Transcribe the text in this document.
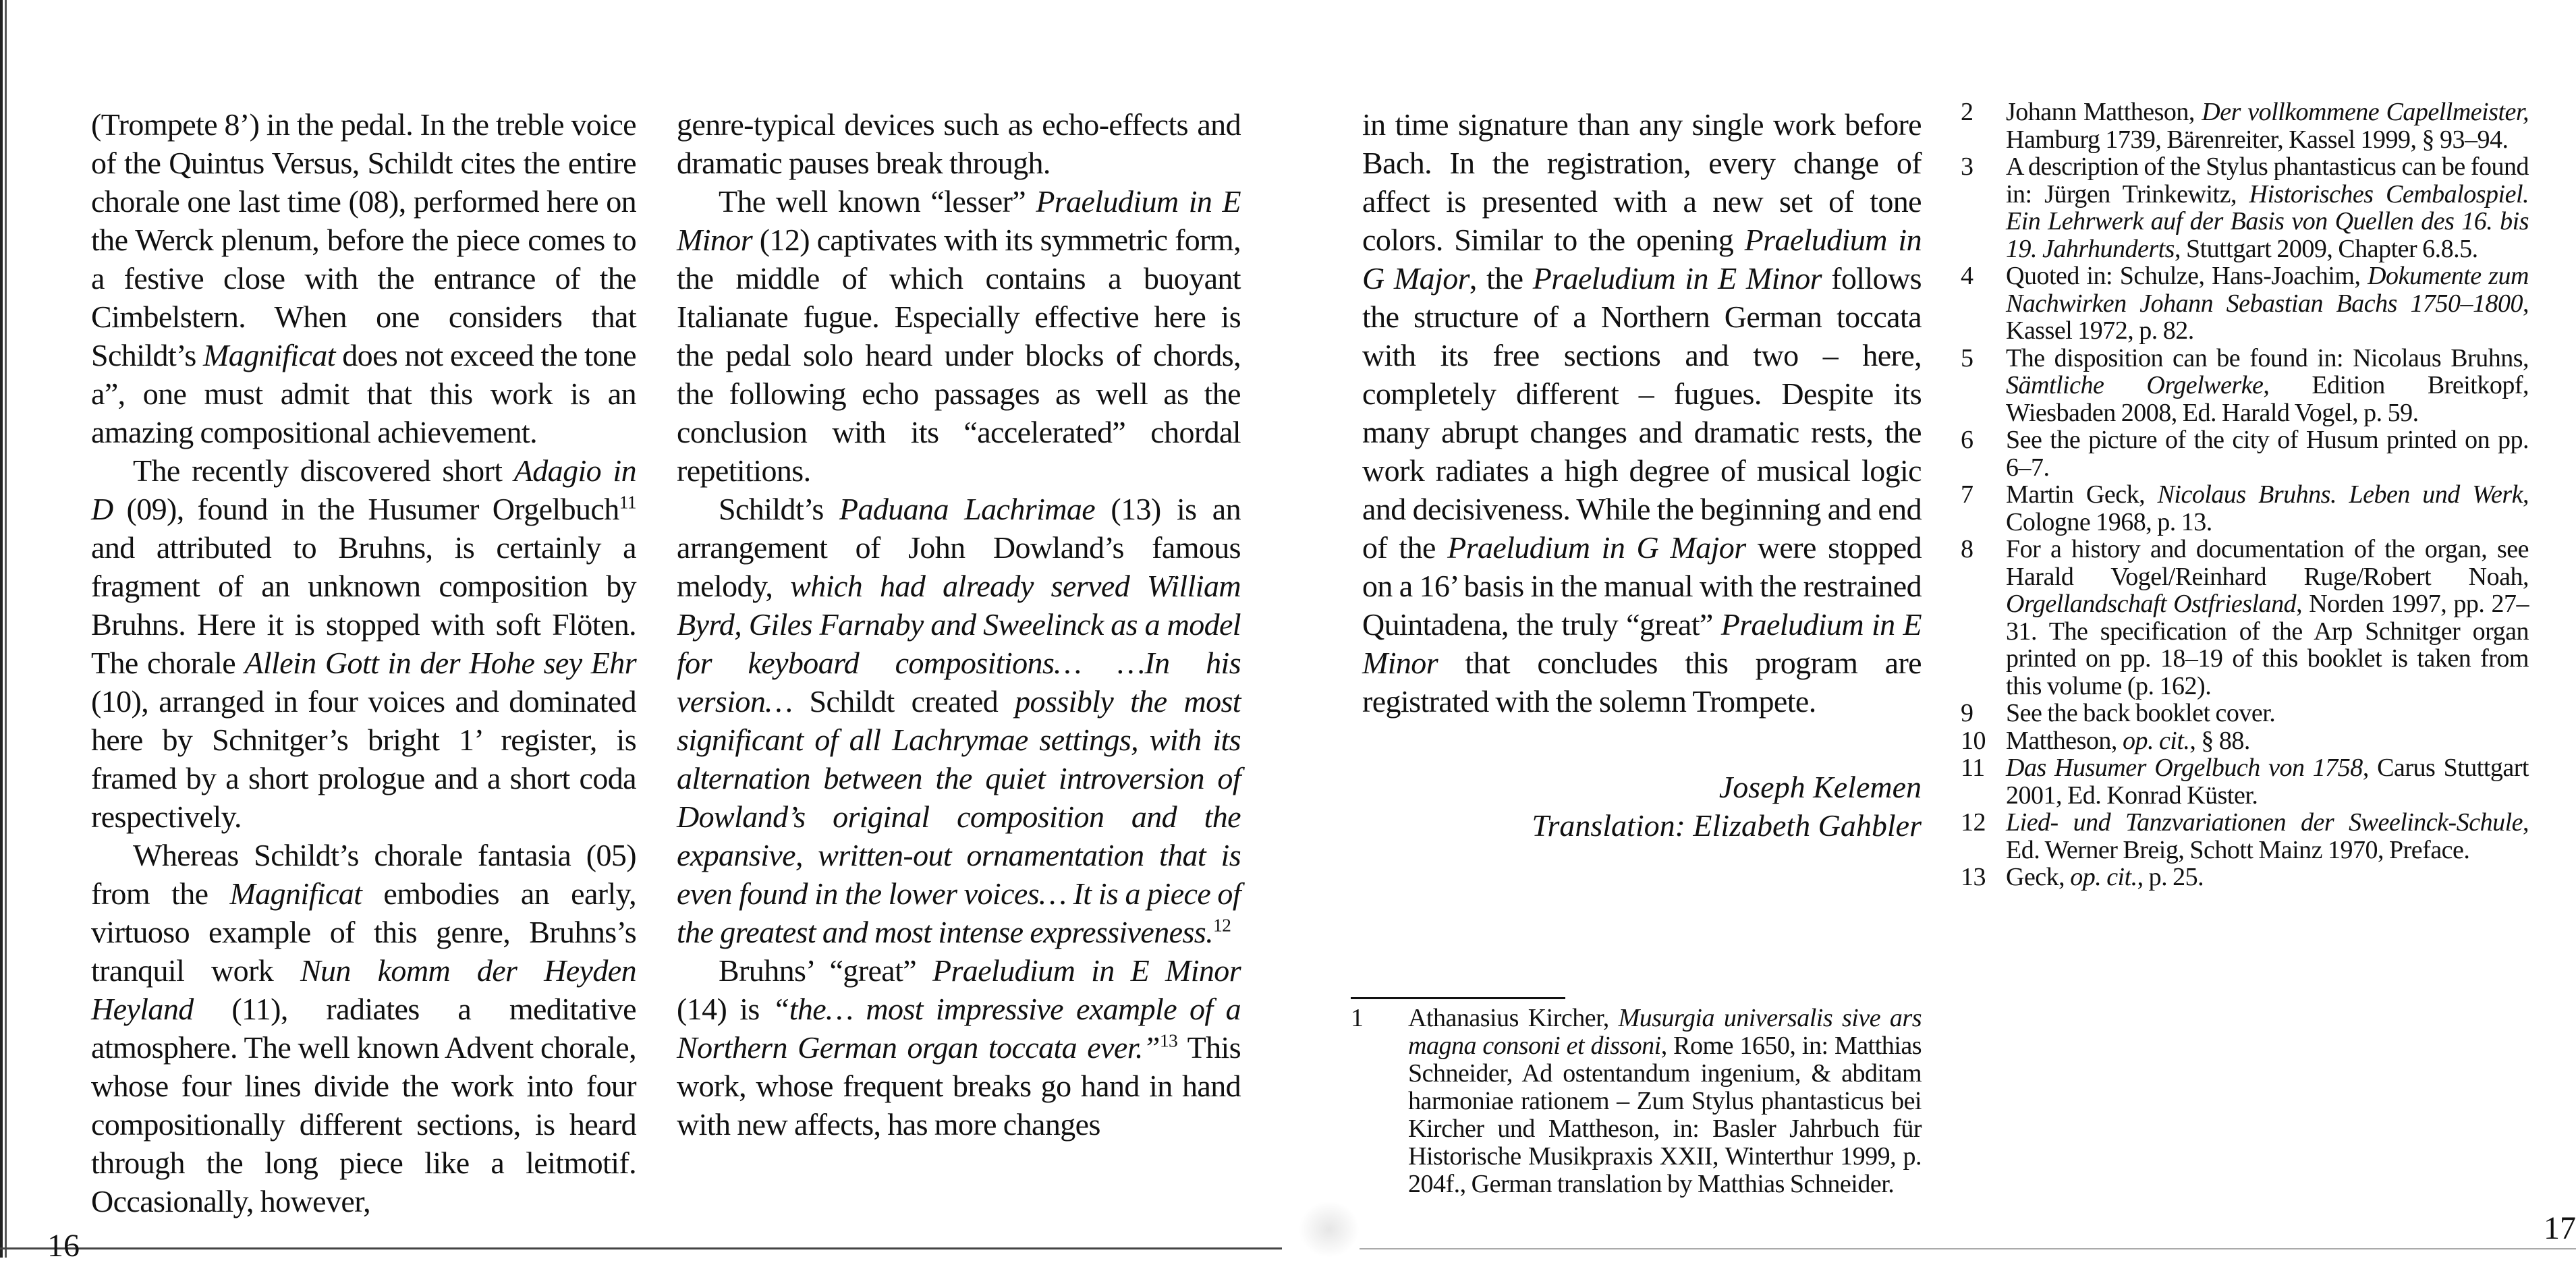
(Trompete 8’) in the pedal. In the treble voice of the Quintus Versus, Schildt cites the entire chorale one last time (08), performed here on the Werck plenum, before the piece comes to a festive close with the entrance of the Cimbelstern. When one considers that Schildt’s Magnificat does not exceed the tone a”, one must admit that this work is an amazing compositional achievement.

The recently discovered short Adagio in D (09), found in the Husumer Orgelbuch$^{11}$ and attributed to Bruhns, is certainly a fragment of an unknown composition by Bruhns. Here it is stopped with soft Flöten. The chorale Allein Gott in der Hohe sey Ehr (10), arranged in four voices and dominated here by Schnitger’s bright 1’ register, is framed by a short prologue and a short coda respectively.

Whereas Schildt’s chorale fantasia (05) from the Magnificat embodies an early, virtuoso example of this genre, Bruhns’s tranquil work Nun komm der Heyden Heyland (11), radiates a meditative atmosphere. The well known Advent chorale, whose four lines divide the work into four compositionally different sections, is heard through the long piece like a leitmotif. Occasionally, however,

genre-typical devices such as echo-effects and dramatic pauses break through.

The well known “lesser” Praeludium in E Minor (12) captivates with its symmetric form, the middle of which contains a buoyant Italianate fugue. Especially effective here is the pedal solo heard under blocks of chords, the following echo passages as well as the conclusion with its “accelerated” chordal repetitions.

Schildt’s Paduana Lachrimae (13) is an arrangement of John Dowland’s famous melody, which had already served William Byrd, Giles Farnaby and Sweelinck as a model for keyboard compositions… …In his version… Schildt created possibly the most significant of all Lachrymae settings, with its alternation between the quiet introversion of Dowland’s original composition and the expansive, written-out ornamentation that is even found in the lower voices… It is a piece of the greatest and most intense expressiveness.$^{12}$

Bruhns’ “great” Praeludium in E Minor (14) is “the… most impressive example of a Northern German organ toccata ever.”$^{13}$ This work, whose frequent breaks go hand in hand with new affects, has more changes

in time signature than any single work before Bach. In the registration, every change of affect is presented with a new set of tone colors. Similar to the opening Praeludium in G Major, the Praeludium in E Minor follows the structure of a Northern German toccata with its free sections and two – here, completely different – fugues. Despite its many abrupt changes and dramatic rests, the work radiates a high degree of musical logic and decisiveness. While the beginning and end of the Praeludium in G Major were stopped on a 16’ basis in the manual with the restrained Quintadena, the truly “great” Praeludium in E Minor that concludes this program are registrated with the solemn Trompete.

Joseph Kelemen

Translation: Elizabeth Gahbler

1	Athanasius Kircher, Musurgia universalis sive ars magna consoni et dissoni, Rome 1650, in: Matthias Schneider, Ad ostentandum ingenium, & abditam harmoniae rationem – Zum Stylus phantasticus bei Kircher und Mattheson, in: Basler Jahrbuch für Historische Musikpraxis XXII, Winterthur 1999, p. 204f., German translation by Matthias Schneider.
2	Johann Mattheson, Der vollkommene Capellmeister, Hamburg 1739, Bärenreiter, Kassel 1999, § 93–94.
3	A description of the Stylus phantasticus can be found in: Jürgen Trinkewitz, Historisches Cembalospiel. Ein Lehrwerk auf der Basis von Quellen des 16. bis 19. Jahrhunderts, Stuttgart 2009, Chapter 6.8.5.
4	Quoted in: Schulze, Hans-Joachim, Dokumente zum Nachwirken Johann Sebastian Bachs 1750–1800, Kassel 1972, p. 82.
5	The disposition can be found in: Nicolaus Bruhns, Sämtliche Orgelwerke, Edition Breitkopf, Wiesbaden 2008, Ed. Harald Vogel, p. 59.
6	See the picture of the city of Husum printed on pp. 6–7.
7	Martin Geck, Nicolaus Bruhns. Leben und Werk, Cologne 1968, p. 13.
8	For a history and documentation of the organ, see Harald Vogel/Reinhard Ruge/Robert Noah, Orgellandschaft Ostfriesland, Norden 1997, pp. 27–31. The specification of the Arp Schnitger organ printed on pp. 18–19 of this booklet is taken from this volume (p. 162).
9	See the back booklet cover.
10 Mattheson, op. cit., § 88.
11 Das Husumer Orgelbuch von 1758, Carus Stuttgart 2001, Ed. Konrad Küster.
12 Lied- und Tanzvariationen der Sweelinck-Schule, Ed. Werner Breig, Schott Mainz 1970, Preface.
13 Geck, op. cit., p. 25.
16	17
